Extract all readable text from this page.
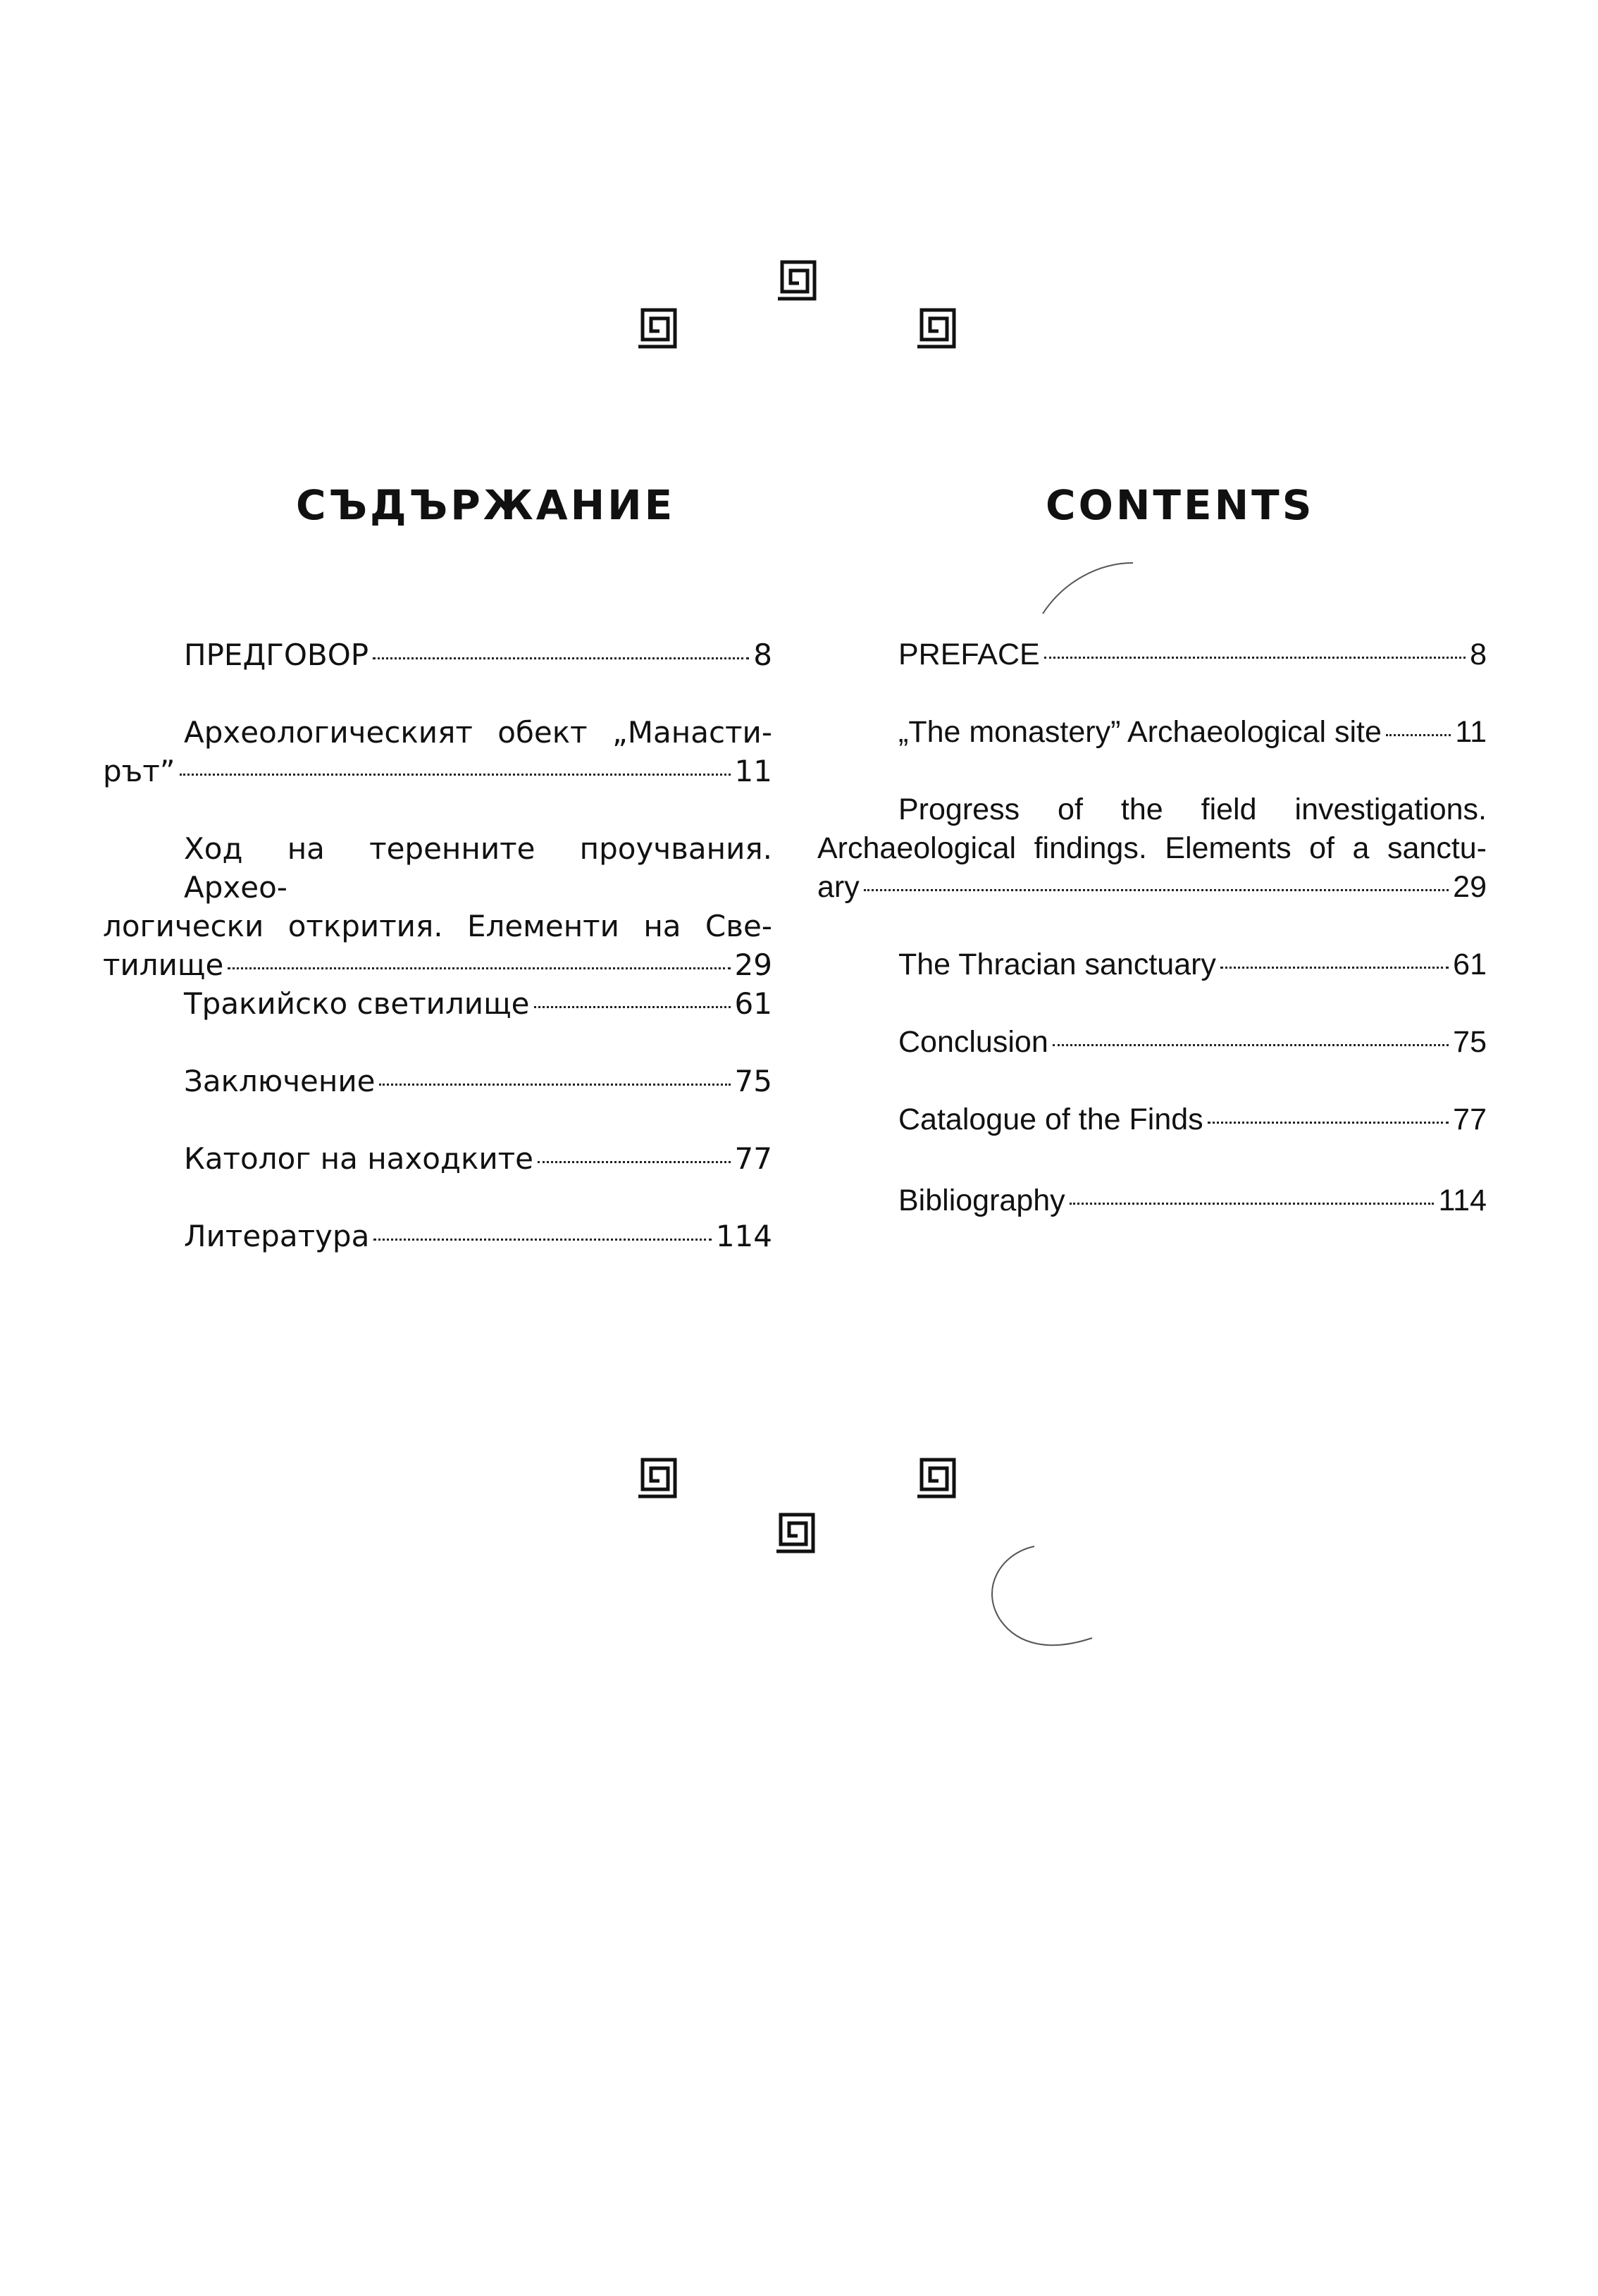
СЪДЪРЖАНИЕ	CONTENTS
ПРЕДГОВОР	8
Археологическият обект „Манасти-
рът”	11
Ход на теренните проучвания. Архео-
логически открития. Елементи на Све-
тилище	29
Тракийско светилище	61
Заключение	75
Католог на находките	77
Литература	114
PREFACE	8
„The monastery” Archaeological site 11
Progress of the field investigations.
Archaeological findings. Elements of a sanctu-
ary	29
The Thracian sanctuary	61
Conclusion	75
Catalogue of the Finds	77
Bibliography	114
